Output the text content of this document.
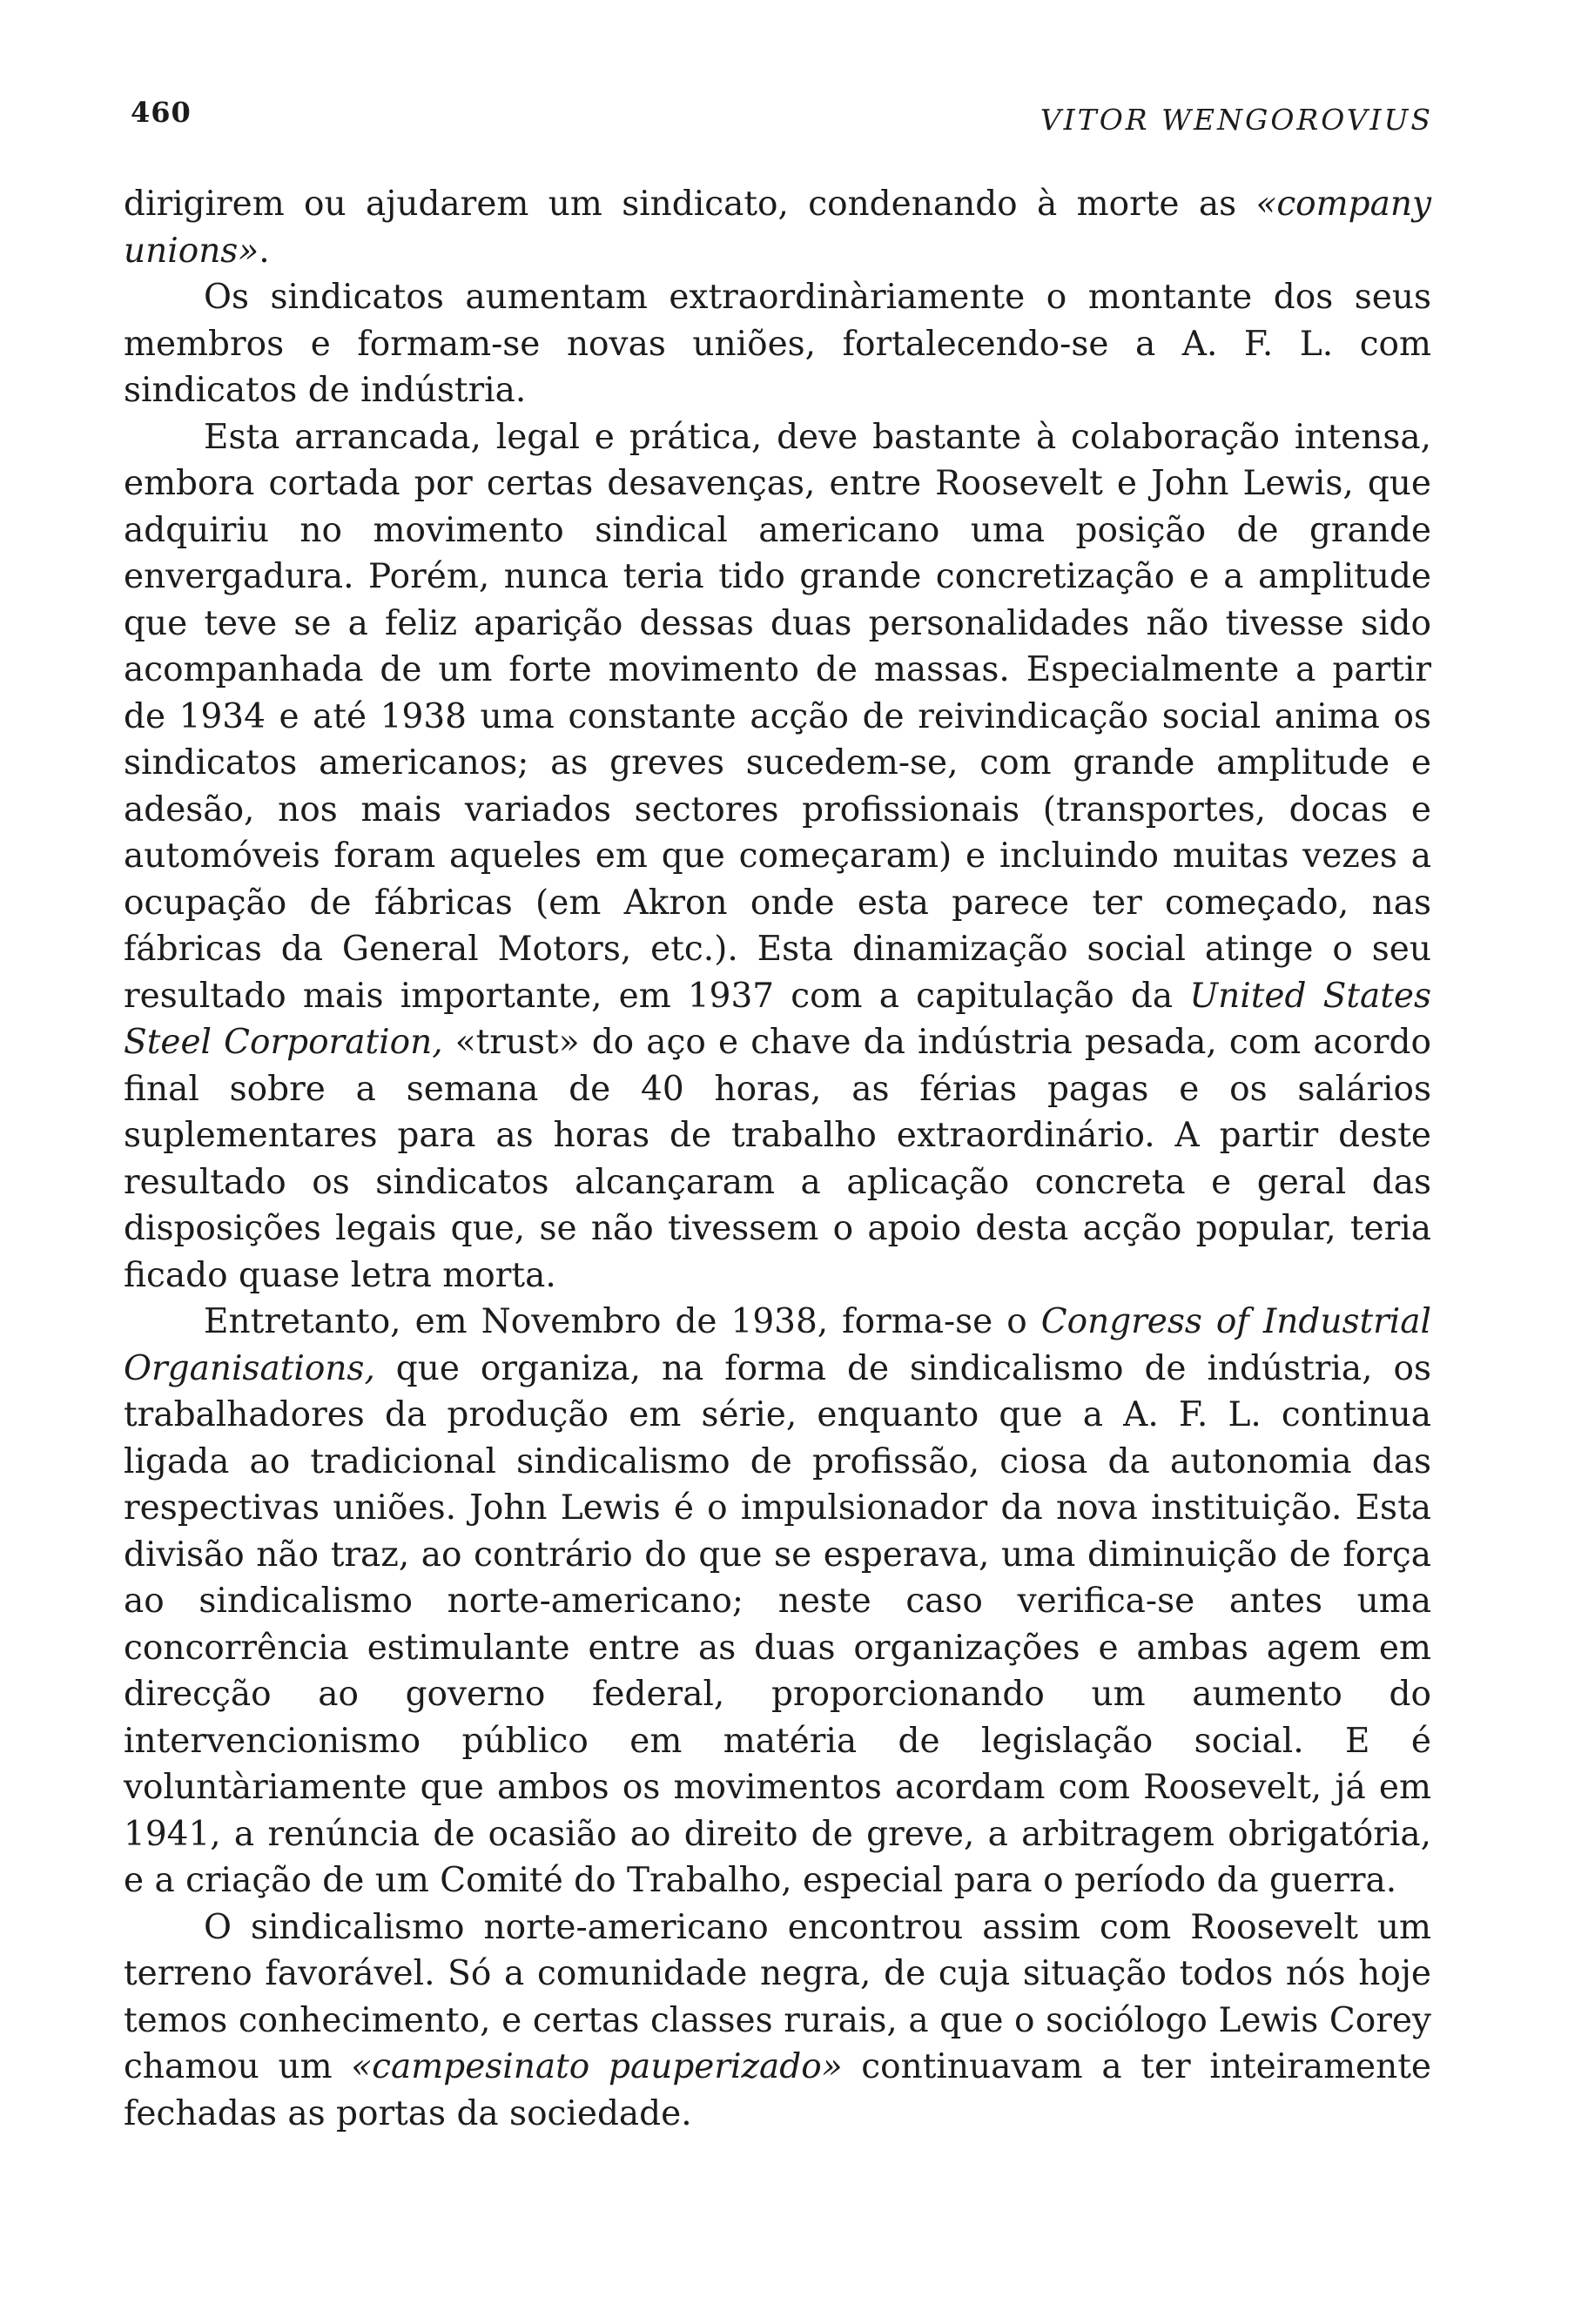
460	VITOR WENGOROVIUS

dirigirem ou ajudarem um sindicato, condenando à morte as «company unions».

Os sindicatos aumentam extraordinàriamente o montante dos seus membros e formam-se novas uniões, fortalecendo-se a A. F. L. com sindicatos de indústria.

Esta arrancada, legal e prática, deve bastante à colaboração intensa, embora cortada por certas desavenças, entre Roosevelt e John Lewis, que adquiriu no movimento sindical americano uma posição de grande envergadura. Porém, nunca teria tido grande concretização e a amplitude que teve se a feliz aparição dessas duas personalidades não tivesse sido acompanhada de um forte movimento de massas. Especialmente a partir de 1934 e até 1938 uma constante acção de reivindicação social anima os sindicatos americanos; as greves sucedem-se, com grande amplitude e adesão, nos mais variados sectores profissionais (transportes, docas e automóveis foram aqueles em que começaram) e incluindo muitas vezes a ocupação de fábricas (em Akron onde esta parece ter começado, nas fábricas da General Motors, etc.). Esta dinamização social atinge o seu resultado mais importante, em 1937 com a capitulação da United States Steel Corporation, «trust» do aço e chave da indústria pesada, com acordo final sobre a semana de 40 horas, as férias pagas e os salários suplementares para as horas de trabalho extraordinário. A partir deste resultado os sindicatos alcançaram a aplicação concreta e geral das disposições legais que, se não tivessem o apoio desta acção popular, teria ficado quase letra morta.

Entretanto, em Novembro de 1938, forma-se o Congress of Industrial Organisations, que organiza, na forma de sindicalismo de indústria, os trabalhadores da produção em série, enquanto que a A. F. L. continua ligada ao tradicional sindicalismo de profissão, ciosa da autonomia das respectivas uniões. John Lewis é o impulsionador da nova instituição. Esta divisão não traz, ao contrário do que se esperava, uma diminuição de força ao sindicalismo norte-americano; neste caso verifica-se antes uma concorrência estimulante entre as duas organizações e ambas agem em direcção ao governo federal, proporcionando um aumento do intervencionismo público em matéria de legislação social. E é voluntàriamente que ambos os movimentos acordam com Roosevelt, já em 1941, a renúncia de ocasião ao direito de greve, a arbitragem obrigatória, e a criação de um Comité do Trabalho, especial para o período da guerra.

O sindicalismo norte-americano encontrou assim com Roosevelt um terreno favorável. Só a comunidade negra, de cuja situação todos nós hoje temos conhecimento, e certas classes rurais, a que o sociólogo Lewis Corey chamou um «campesinato pauperizado» continuavam a ter inteiramente fechadas as portas da sociedade.
